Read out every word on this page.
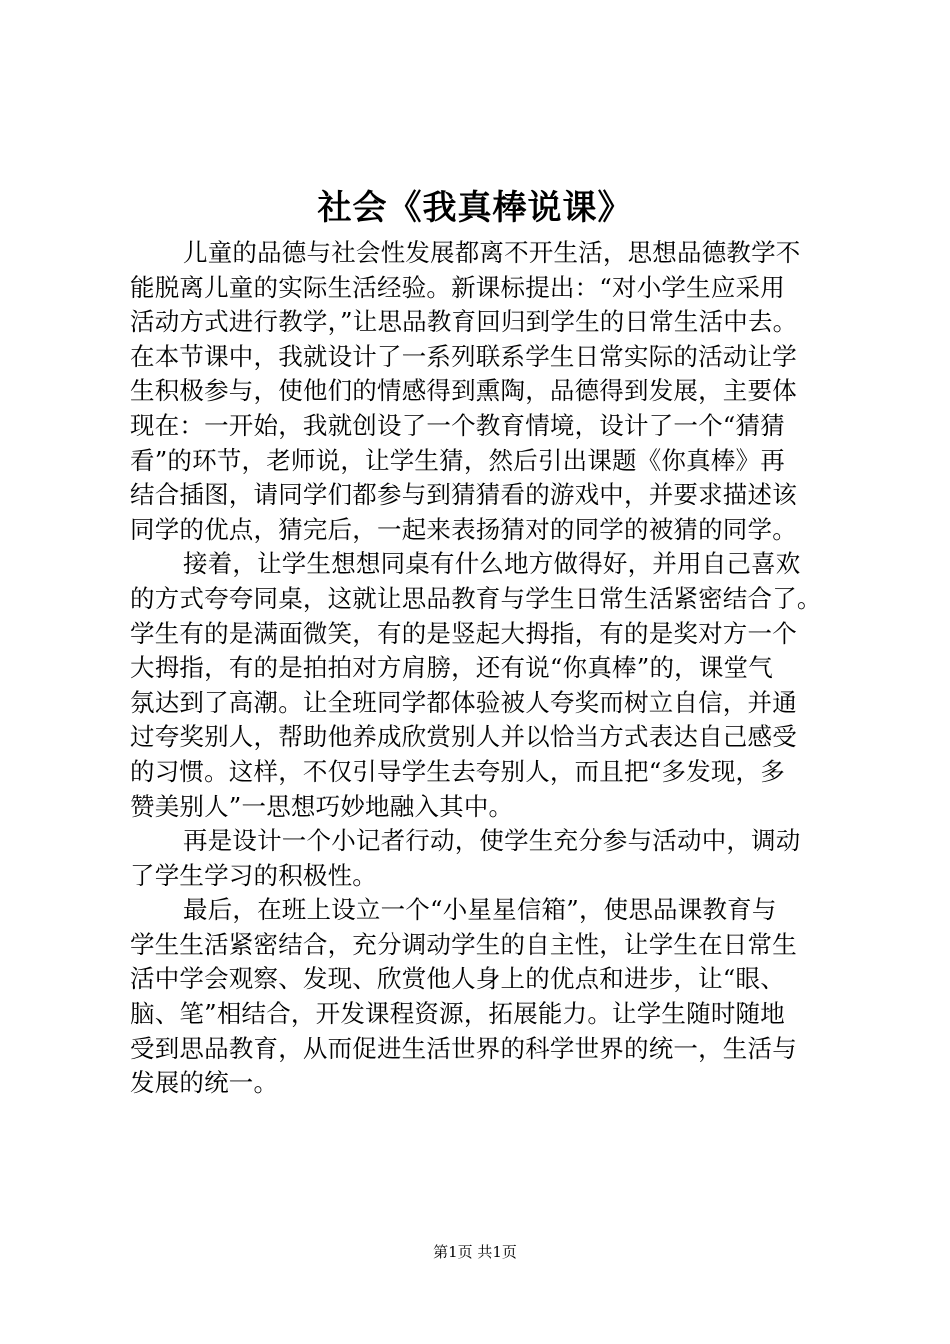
社会《我真棒说课》
儿童的品德与社会性发展都离不开生活，思想品德教学不
能脱离儿童的实际生活经验。新课标提出：“对小学生应采用
活动方式进行教学，”让思品教育回归到学生的日常生活中去。
在本节课中，我就设计了一系列联系学生日常实际的活动让学
生积极参与，使他们的情感得到熏陶，品德得到发展，主要体
现在：一开始，我就创设了一个教育情境，设计了一个“猜猜
看”的环节，老师说，让学生猜，然后引出课题《你真棒》再
结合插图，请同学们都参与到猜猜看的游戏中，并要求描述该
同学的优点，猜完后，一起来表扬猜对的同学的被猜的同学。
接着，让学生想想同桌有什么地方做得好，并用自己喜欢
的方式夸夸同桌，这就让思品教育与学生日常生活紧密结合了。
学生有的是满面微笑，有的是竖起大拇指，有的是奖对方一个
大拇指，有的是拍拍对方肩膀，还有说“你真棒”的，课堂气
氛达到了高潮。让全班同学都体验被人夸奖而树立自信，并通
过夸奖别人，帮助他养成欣赏别人并以恰当方式表达自己感受
的习惯。这样，不仅引导学生去夸别人，而且把“多发现，多
赞美别人”一思想巧妙地融入其中。
再是设计一个小记者行动，使学生充分参与活动中，调动
了学生学习的积极性。
最后，在班上设立一个“小星星信箱”，使思品课教育与
学生生活紧密结合，充分调动学生的自主性，让学生在日常生
活中学会观察、发现、欣赏他人身上的优点和进步，让“眼、
脑、笔”相结合，开发课程资源，拓展能力。让学生随时随地
受到思品教育，从而促进生活世界的科学世界的统一，生活与
发展的统一。
第1页 共1页
